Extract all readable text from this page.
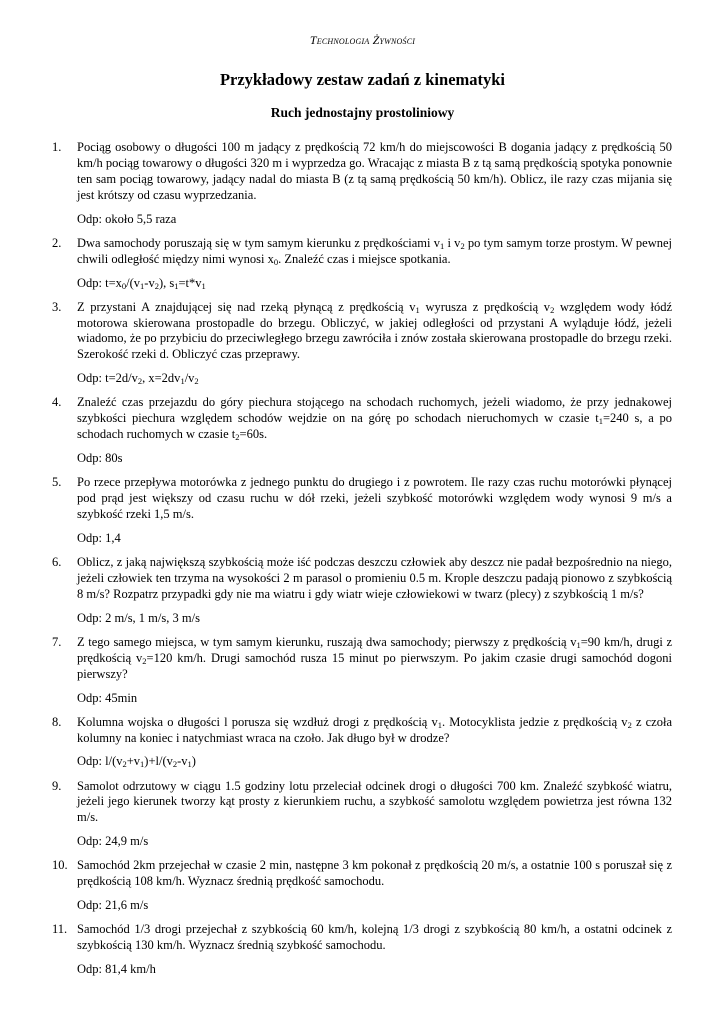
Technologia Żywności
Przykładowy zestaw zadań z kinematyki
Ruch jednostajny prostoliniowy
1. Pociąg osobowy o długości 100 m jadący z prędkością 72 km/h do miejscowości B dogania jadący z prędkością 50 km/h pociąg towarowy o długości 320 m i wyprzedza go. Wracając z miasta B z tą samą prędkością spotyka ponownie ten sam pociąg towarowy, jadący nadal do miasta B (z tą samą prędkością 50 km/h). Oblicz, ile razy czas mijania się jest krótszy od czasu wyprzedzania.
Odp: około 5,5 raza
2. Dwa samochody poruszają się w tym samym kierunku z prędkościami $v_1$ i $v_2$ po tym samym torze prostym. W pewnej chwili odległość między nimi wynosi $x_0$. Znaleźć czas i miejsce spotkania.
Odp: $t=x_0/(v_1-v_2)$, $s_1=t*v_1$
3. Z przystani A znajdującej się nad rzeką płynącą z prędkością $v_1$ wyrusza z prędkością $v_2$ względem wody łódź motorowa skierowana prostopadle do brzegu. Obliczyć, w jakiej odległości od przystani A wyląduje łódź, jeżeli wiadomo, że po przybiciu do przeciwległego brzegu zawróciła i znów została skierowana prostopadle do brzegu rzeki. Szerokość rzeki d. Obliczyć czas przeprawy.
Odp: $t=2d/v_2$, $x=2dv_1/v_2$
4. Znaleźć czas przejazdu do góry piechura stojącego na schodach ruchomych, jeżeli wiadomo, że przy jednakowej szybkości piechura względem schodów wejdzie on na górę po schodach nieruchomych w czasie $t_1=240$ s, a po schodach ruchomych w czasie $t_2=60s$.
Odp: 80s
5. Po rzece przepływa motorówka z jednego punktu do drugiego i z powrotem. Ile razy czas ruchu motorówki płynącej pod prąd jest większy od czasu ruchu w dół rzeki, jeżeli szybkość motorówki względem wody wynosi 9 m/s a szybkość rzeki 1,5 m/s.
Odp: 1,4
6. Oblicz, z jaką największą szybkością może iść podczas deszczu człowiek aby deszcz nie padał bezpośrednio na niego, jeżeli człowiek ten trzyma na wysokości 2 m parasol o promieniu 0.5 m. Krople deszczu padają pionowo z szybkością 8 m/s? Rozpatrz przypadki gdy nie ma wiatru i gdy wiatr wieje człowiekowi w twarz (plecy) z szybkością 1 m/s?
Odp: 2 m/s, 1 m/s, 3 m/s
7. Z tego samego miejsca, w tym samym kierunku, ruszają dwa samochody; pierwszy z prędkością $v_1=90$ km/h, drugi z prędkością $v_2=120$ km/h. Drugi samochód rusza 15 minut po pierwszym. Po jakim czasie drugi samochód dogoni pierwszy?
Odp: 45min
8. Kolumna wojska o długości l porusza się wzdłuż drogi z prędkością $v_1$. Motocyklista jedzie z prędkością $v_2$ z czoła kolumny na koniec i natychmiast wraca na czoło. Jak długo był w drodze?
Odp: $l/(v_2+v_1)+l/(v_2-v_1)$
9. Samolot odrzutowy w ciągu 1.5 godziny lotu przeleciał odcinek drogi o długości 700 km. Znaleźć szybkość wiatru, jeżeli jego kierunek tworzy kąt prosty z kierunkiem ruchu, a szybkość samolotu względem powietrza jest równa 132 m/s.
Odp: 24,9 m/s
10. Samochód 2km przejechał w czasie 2 min, następne 3 km pokonał z prędkością 20 m/s, a ostatnie 100 s poruszał się z prędkością 108 km/h. Wyznacz średnią prędkość samochodu.
Odp: 21,6 m/s
11. Samochód 1/3 drogi przejechał z szybkością 60 km/h, kolejną 1/3 drogi z szybkością 80 km/h, a ostatni odcinek z szybkością 130 km/h. Wyznacz średnią szybkość samochodu.
Odp: 81,4 km/h
